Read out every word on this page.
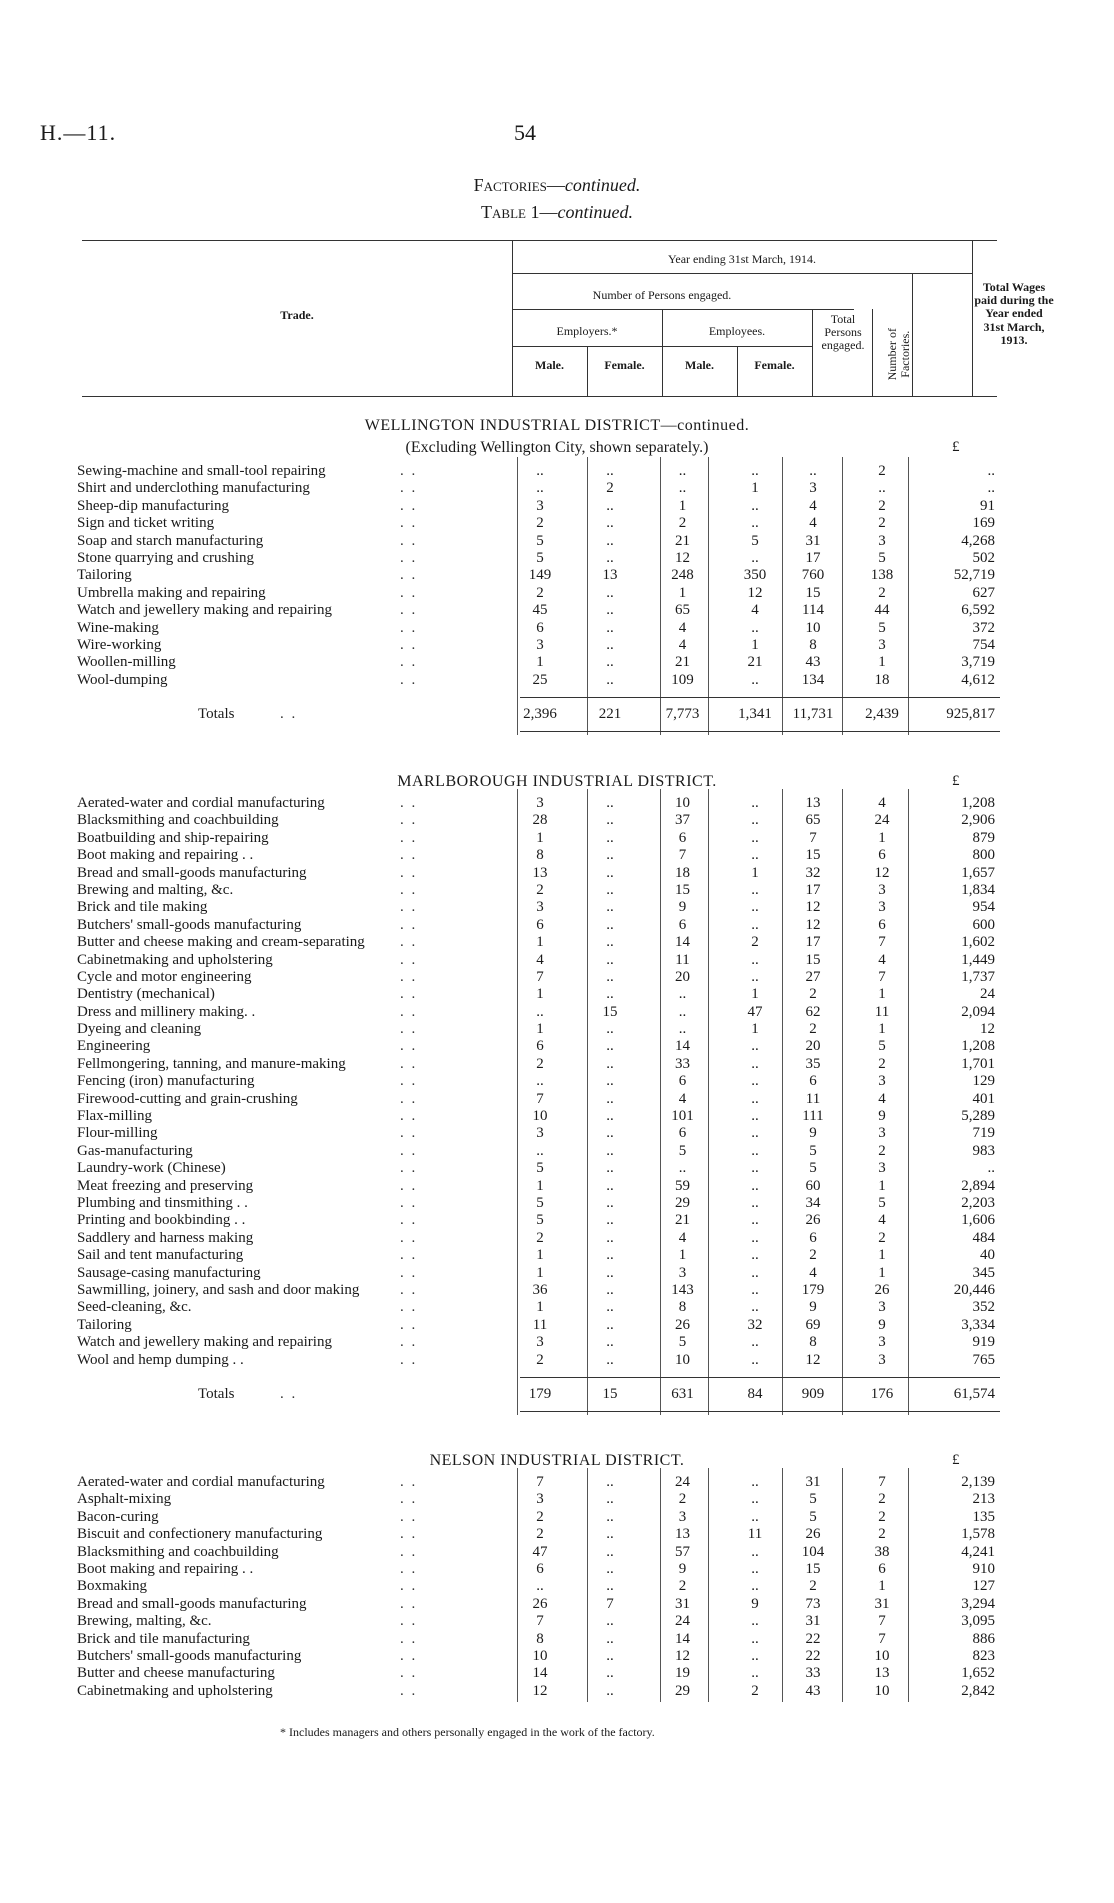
H.—11.	54
Factories—continued.
Table 1—continued.
Trade.
Year ending 31st March, 1914.
Number of Persons engaged.
Employers.*	Employees.
Male.	Female.	Male.	Female.
Total Persons engaged.	Number of Factories.
Total Wages paid during the Year ended 31st March, 1913.
WELLINGTON INDUSTRIAL DISTRICT—continued.
£
(Excluding Wellington City, shown separately.)
Sewing-machine and small-tool repairing	. .	..	..	..	..	..	2	..
Shirt and underclothing manufacturing	. .	..	2	..	1	3	..	..
Sheep-dip manufacturing	. .	3	..	1	..	4	2	91
Sign and ticket writing	. .	2	..	2	..	4	2	169
Soap and starch manufacturing	. .	5	..	21	5	31	3	4,268
Stone quarrying and crushing	. .	5	..	12	..	17	5	502
Tailoring	. .	149	13	248	350	760	138	52,719
Umbrella making and repairing	. .	2	..	1	12	15	2	627
Watch and jewellery making and repairing	. .	45	..	65	4	114	44	6,592
Wine-making	. .	6	..	4	..	10	5	372
Wire-working	. .	3	..	4	1	8	3	754
Woollen-milling	. .	1	..	21	21	43	1	3,719
Wool-dumping	. .	25	..	109	..	134	18	4,612
Totals	. .	2,396	221	7,773	1,341	11,731	2,439	925,817
MARLBOROUGH INDUSTRIAL DISTRICT.	£
Aerated-water and cordial manufacturing	. .	3	..	10	..	13	4	1,208
Blacksmithing and coachbuilding	. .	28	..	37	..	65	24	2,906
Boatbuilding and ship-repairing	. .	1	..	6	..	7	1	879
Boot making and repairing . .	. .	8	..	7	..	15	6	800
Bread and small-goods manufacturing	. .	13	..	18	1	32	12	1,657
Brewing and malting, &c.	. .	2	..	15	..	17	3	1,834
Brick and tile making	. .	3	..	9	..	12	3	954
Butchers' small-goods manufacturing	. .	6	..	6	..	12	6	600
Butter and cheese making and cream-separating . .	1	..	14	2	17	7	1,602
Cabinetmaking and upholstering	. .	4	..	11	..	15	4	1,449
Cycle and motor engineering	. .	7	..	20	..	27	7	1,737
Dentistry (mechanical)	. .	1	..	..	1	2	1	24
Dress and millinery making. .	. .	..	15	..	47	62	11	2,094
Dyeing and cleaning	. .	1	..	..	1	2	1	12
Engineering	. .	6	..	14	..	20	5	1,208
Fellmongering, tanning, and manure-making	. .	2	..	33	..	35	2	1,701
Fencing (iron) manufacturing	. .	..	..	6	..	6	3	129
Firewood-cutting and grain-crushing	. .	7	..	4	..	11	4	401
Flax-milling	. .	10	..	101	..	111	9	5,289
Flour-milling	. .	3	..	6	..	9	3	719
Gas-manufacturing	. .	..	..	5	..	5	2	983
Laundry-work (Chinese)	. .	5	..	..	..	5	3	..
Meat freezing and preserving	. .	1	..	59	..	60	1	2,894
Plumbing and tinsmithing . .	. .	5	..	29	..	34	5	2,203
Printing and bookbinding . .	. .	5	..	21	..	26	4	1,606
Saddlery and harness making	. .	2	..	4	..	6	2	484
Sail and tent manufacturing	. .	1	..	1	..	2	1	40
Sausage-casing manufacturing	. .	1	..	3	..	4	1	345
Sawmilling, joinery, and sash and door making	. .	36	..	143	..	179	26	20,446
Seed-cleaning, &c.	. .	1	..	8	..	9	3	352
Tailoring	. .	11	..	26	32	69	9	3,334
Watch and jewellery making and repairing	. .	3	..	5	..	8	3	919
Wool and hemp dumping . .	. .	2	..	10	..	12	3	765
Totals	. .	179	15	631	84	909	176	61,574
NELSON INDUSTRIAL DISTRICT.	£
Aerated-water and cordial manufacturing	. .	7	..	24	..	31	7	2,139
Asphalt-mixing	. .	3	..	2	..	5	2	213
Bacon-curing	. .	2	..	3	..	5	2	135
Biscuit and confectionery manufacturing	. .	2	..	13	11	26	2	1,578
Blacksmithing and coachbuilding	. .	47	..	57	..	104	38	4,241
Boot making and repairing . .	. .	6	..	9	..	15	6	910
Boxmaking	. .	..	..	2	..	2	1	127
Bread and small-goods manufacturing	. .	26	7	31	9	73	31	3,294
Brewing, malting, &c.	. .	7	..	24	..	31	7	3,095
Brick and tile manufacturing	. .	8	..	14	..	22	7	886
Butchers' small-goods manufacturing	. .	10	..	12	..	22	10	823
Butter and cheese manufacturing	. .	14	..	19	..	33	13	1,652
Cabinetmaking and upholstering	. .	12	..	29	2	43	10	2,842
* Includes managers and others personally engaged in the work of the factory.
